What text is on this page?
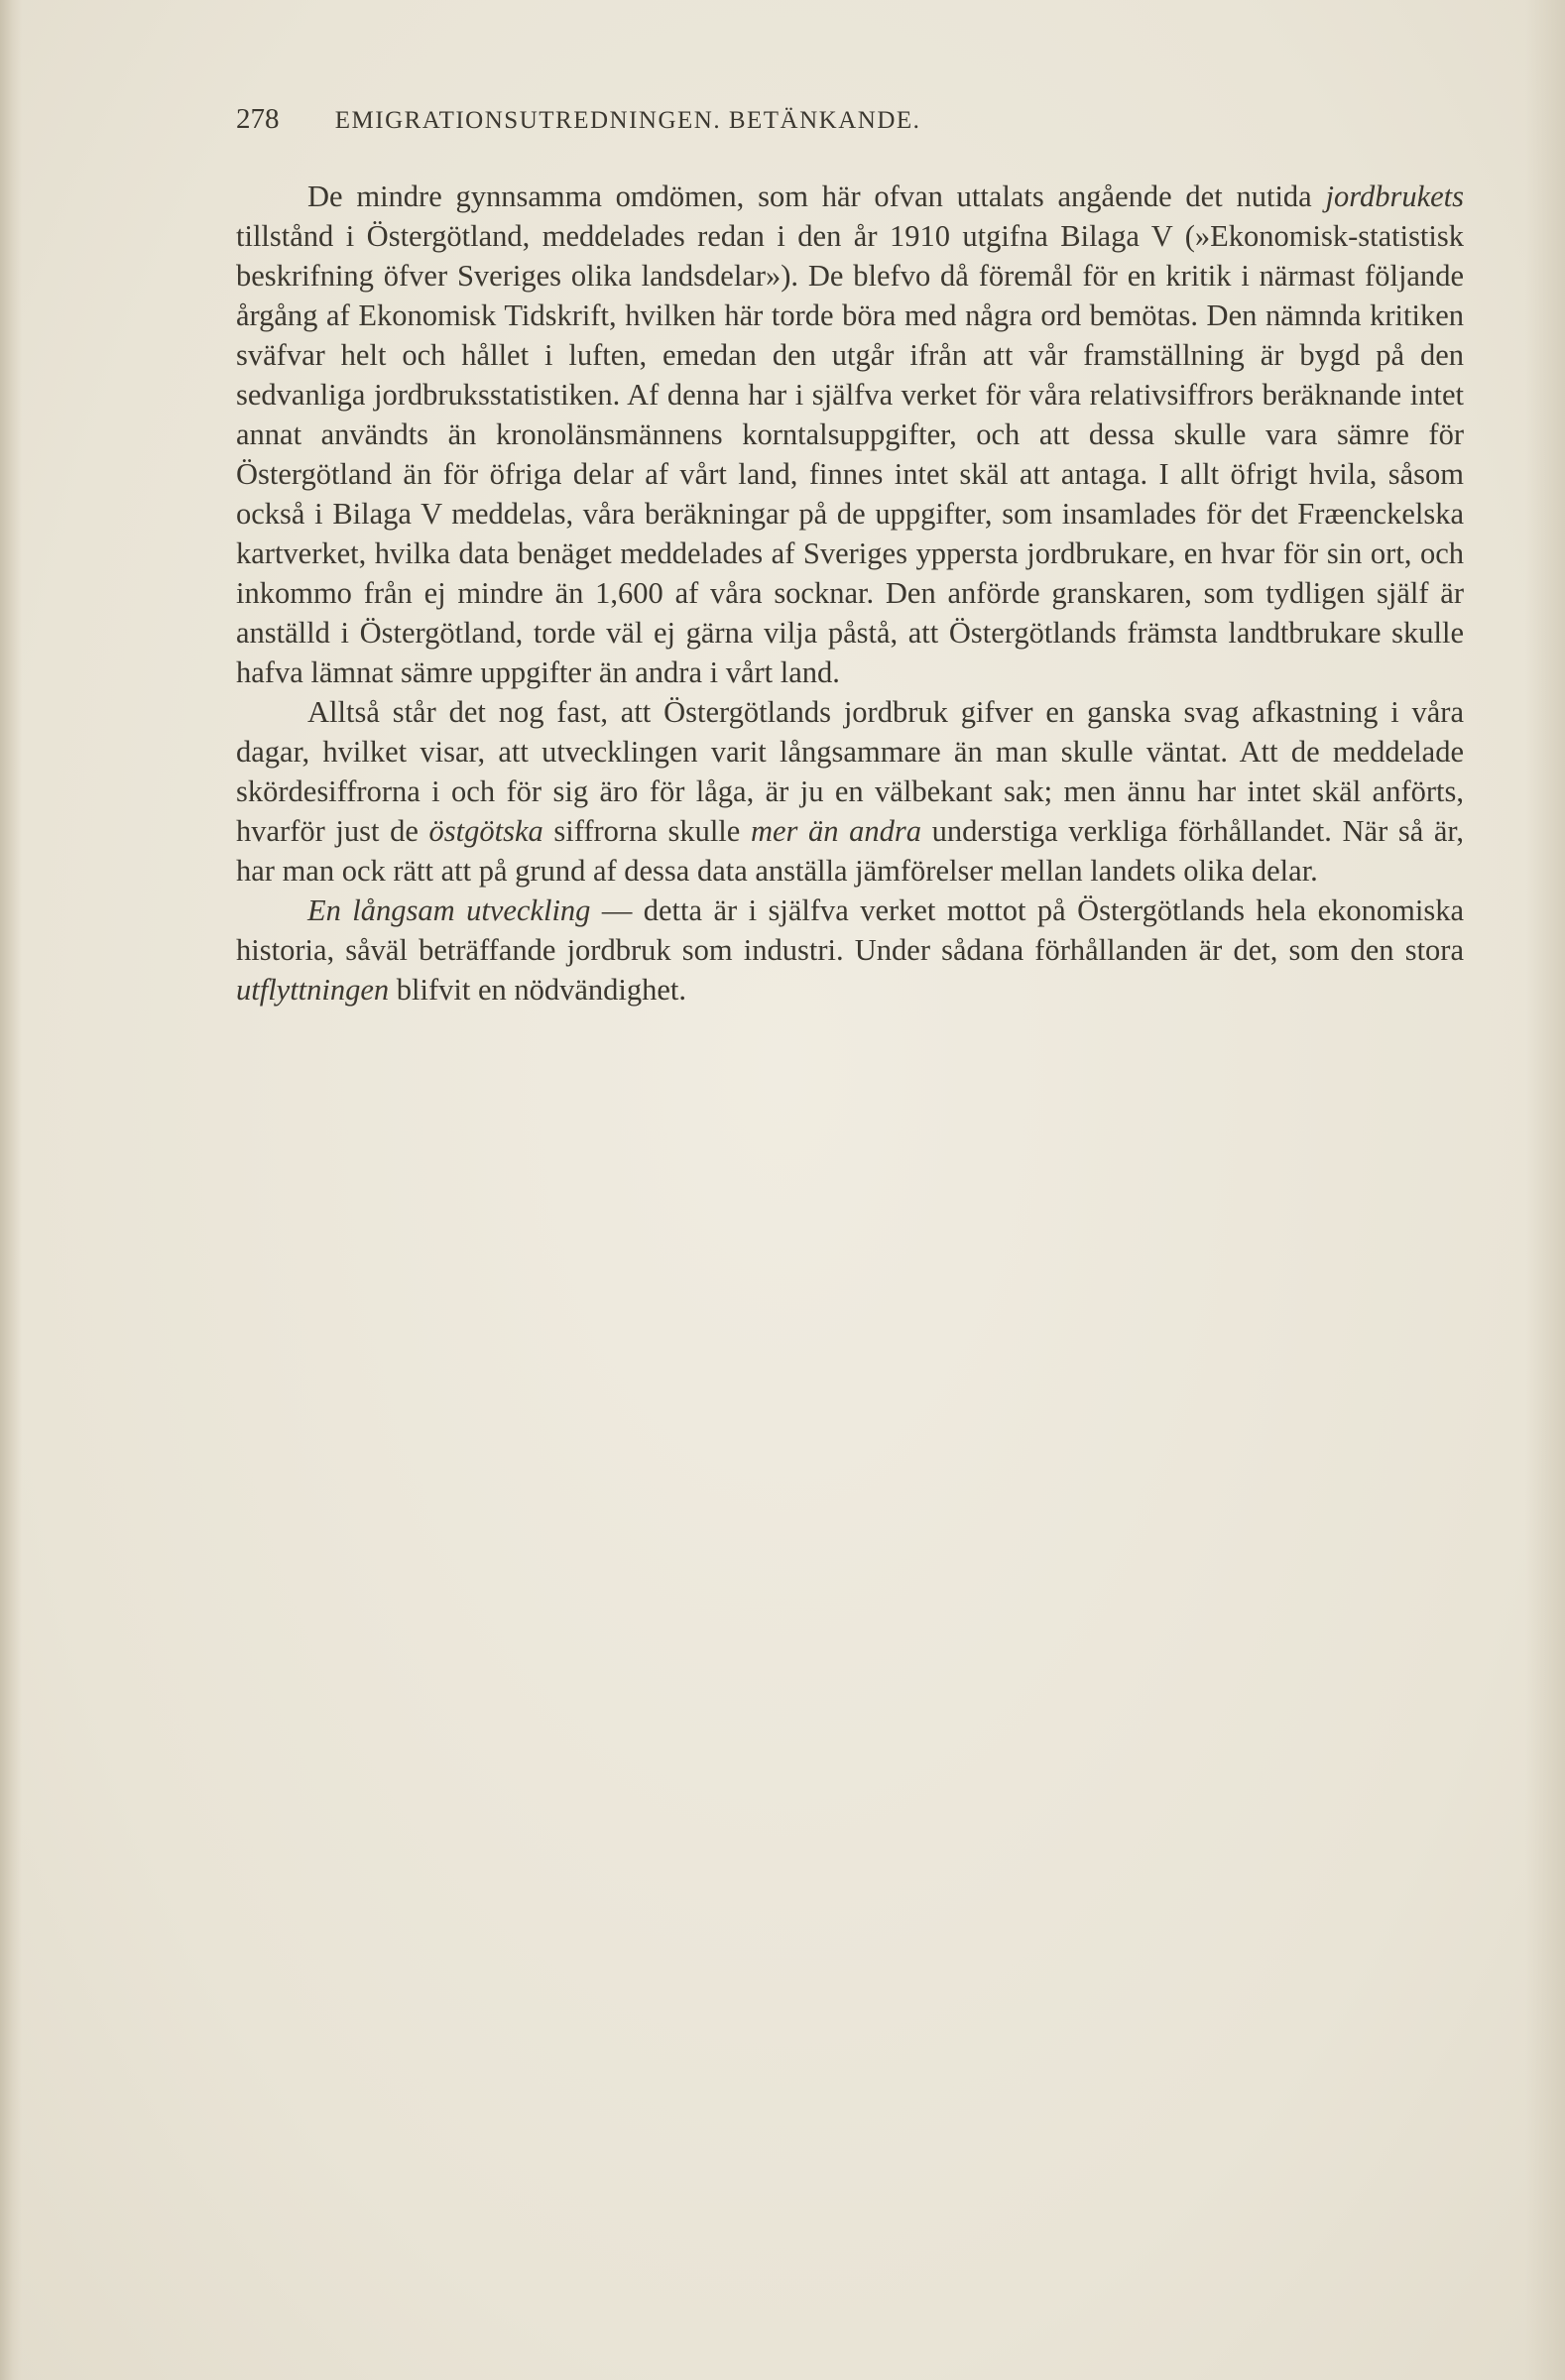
278 EMIGRATIONSUTREDNINGEN. BETÄNKANDE.

De mindre gynnsamma omdömen, som här ofvan uttalats angående det nutida jordbrukets tillstånd i Östergötland, meddelades redan i den år 1910 utgifna Bilaga V (»Ekonomisk-statistisk beskrifning öfver Sveriges olika landsdelar»). De blefvo då föremål för en kritik i närmast följande årgång af Ekonomisk Tidskrift, hvilken här torde böra med några ord bemötas. Den nämnda kritiken sväfvar helt och hållet i luften, emedan den utgår ifrån att vår framställning är bygd på den sedvanliga jordbruksstatistiken. Af denna har i själfva verket för våra relativsiffrors beräknande intet annat användts än kronolänsmännens korntalsuppgifter, och att dessa skulle vara sämre för Östergötland än för öfriga delar af vårt land, finnes intet skäl att antaga. I allt öfrigt hvila, såsom också i Bilaga V meddelas, våra beräkningar på de uppgifter, som insamlades för det Fræenckelska kartverket, hvilka data benäget meddelades af Sveriges yppersta jordbrukare, en hvar för sin ort, och inkommo från ej mindre än 1,600 af våra socknar. Den anförde granskaren, som tydligen själf är anställd i Östergötland, torde väl ej gärna vilja påstå, att Östergötlands främsta landtbrukare skulle hafva lämnat sämre uppgifter än andra i vårt land.

Alltså står det nog fast, att Östergötlands jordbruk gifver en ganska svag afkastning i våra dagar, hvilket visar, att utvecklingen varit långsammare än man skulle väntat. Att de meddelade skördesiffrorna i och för sig äro för låga, är ju en välbekant sak; men ännu har intet skäl anförts, hvarför just de östgötska siffrorna skulle mer än andra understiga verkliga förhållandet. När så är, har man ock rätt att på grund af dessa data anställa jämförelser mellan landets olika delar.

En långsam utveckling — detta är i själfva verket mottot på Östergötlands hela ekonomiska historia, såväl beträffande jordbruk som industri. Under sådana förhållanden är det, som den stora utflyttningen blifvit en nödvändighet.
